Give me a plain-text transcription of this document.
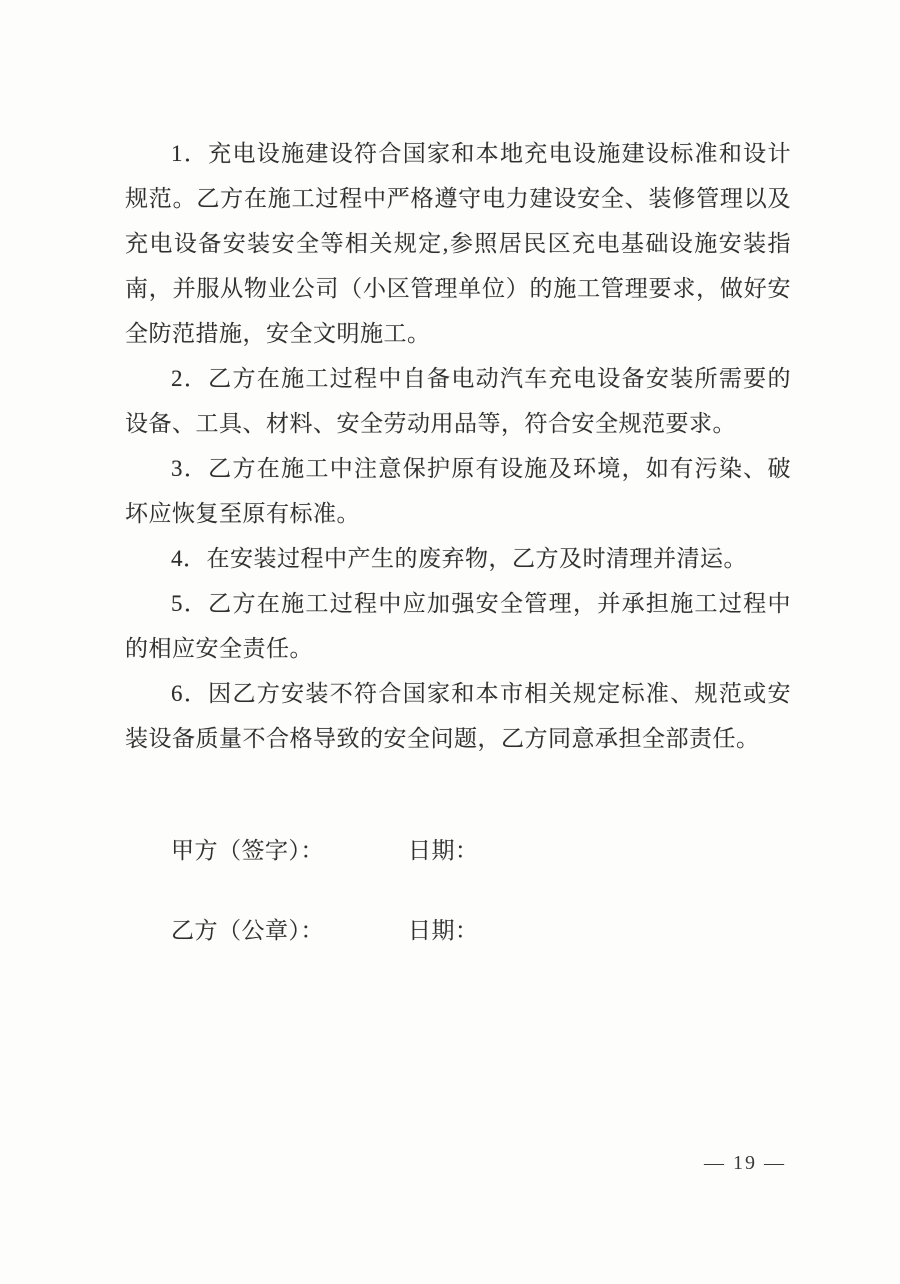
1．充电设施建设符合国家和本地充电设施建设标准和设计规范。乙方在施工过程中严格遵守电力建设安全、装修管理以及充电设备安装安全等相关规定,参照居民区充电基础设施安装指南，并服从物业公司（小区管理单位）的施工管理要求，做好安全防范措施，安全文明施工。

2．乙方在施工过程中自备电动汽车充电设备安装所需要的设备、工具、材料、安全劳动用品等，符合安全规范要求。

3．乙方在施工中注意保护原有设施及环境，如有污染、破坏应恢复至原有标准。

4．在安装过程中产生的废弃物，乙方及时清理并清运。

5．乙方在施工过程中应加强安全管理，并承担施工过程中的相应安全责任。

6．因乙方安装不符合国家和本市相关规定标准、规范或安装设备质量不合格导致的安全问题，乙方同意承担全部责任。

甲方（签字）：	日期：
乙方（公章）：	日期：
— 19 —
